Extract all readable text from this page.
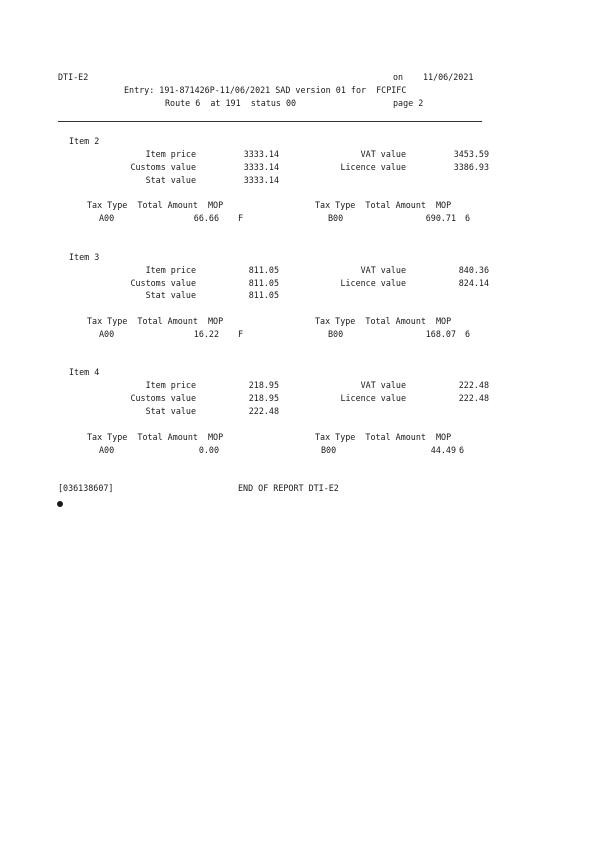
DTI-E2	on 11/06/2021
Entry: 191-871426P-11/06/2021 SAD version 01 for  FCPIFC
Route 6  at 191  status 00	page 2
Item 2
Item price	3333.14	VAT value	3453.59
Customs value	3333.14	Licence value	3386.93
Stat value	3333.14
Tax Type  Total Amount  MOP	Tax Type  Total Amount  MOP
A00	66.66 F	B00	690.71 6
Item 3
Item price	811.05	VAT value	840.36
Customs value	811.05	Licence value	824.14
Stat value	811.05
Tax Type  Total Amount  MOP	Tax Type  Total Amount  MOP
A00	16.22 F	B00	168.07 6
Item 4
Item price	218.95	VAT value	222.48
Customs value	218.95	Licence value	222.48
Stat value	222.48
Tax Type  Total Amount  MOP	Tax Type  Total Amount  MOP
A00	0.00	B00	44.49 6
[036138607]	END OF REPORT DTI-E2
